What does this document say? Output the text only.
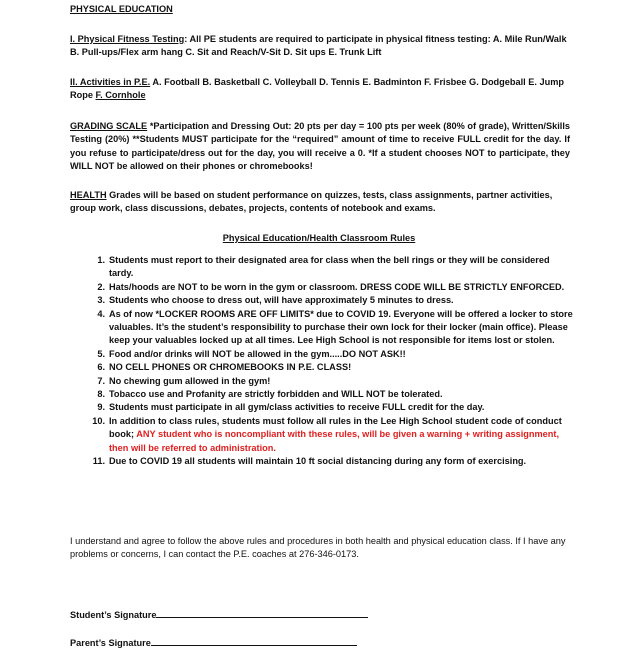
PHYSICAL EDUCATION

I. Physical Fitness Testing: All PE students are required to participate in physical fitness testing: A. Mile Run/Walk B. Pull-ups/Flex arm hang C. Sit and Reach/V-Sit D. Sit ups E. Trunk Lift

II. Activities in P.E. A. Football B. Basketball C. Volleyball D. Tennis E. Badminton F. Frisbee G. Dodgeball E. Jump Rope F. Cornhole

GRADING SCALE *Participation and Dressing Out: 20 pts per day = 100 pts per week (80% of grade), Written/Skills Testing (20%) **Students MUST participate for the “required” amount of time to receive FULL credit for the day. If you refuse to participate/dress out for the day, you will receive a 0. *If a student chooses NOT to participate, they WILL NOT be allowed on their phones or chromebooks!

HEALTH Grades will be based on student performance on quizzes, tests, class assignments, partner activities, group work, class discussions, debates, projects, contents of notebook and exams.

Physical Education/Health Classroom Rules
1. Students must report to their designated area for class when the bell rings or they will be considered tardy.
2. Hats/hoods are NOT to be worn in the gym or classroom. DRESS CODE WILL BE STRICTLY ENFORCED.
3. Students who choose to dress out, will have approximately 5 minutes to dress.
4. As of now *LOCKER ROOMS ARE OFF LIMITS* due to COVID 19. Everyone will be offered a locker to store valuables. It’s the student’s responsibility to purchase their own lock for their locker (main office). Please keep your valuables locked up at all times. Lee High School is not responsible for items lost or stolen.
5. Food and/or drinks will NOT be allowed in the gym.....DO NOT ASK!!
6. NO CELL PHONES OR CHROMEBOOKS IN P.E. CLASS!
7. No chewing gum allowed in the gym!
8. Tobacco use and Profanity are strictly forbidden and WILL NOT be tolerated.
9. Students must participate in all gym/class activities to receive FULL credit for the day.
10. In addition to class rules, students must follow all rules in the Lee High School student code of conduct book; ANY student who is noncompliant with these rules, will be given a warning + writing assignment, then will be referred to administration.
11. Due to COVID 19 all students will maintain 10 ft social distancing during any form of exercising.

I understand and agree to follow the above rules and procedures in both health and physical education class. If I have any problems or concerns, I can contact the P.E. coaches at 276-346-0173.

Student’s Signature
Parent’s Signature
